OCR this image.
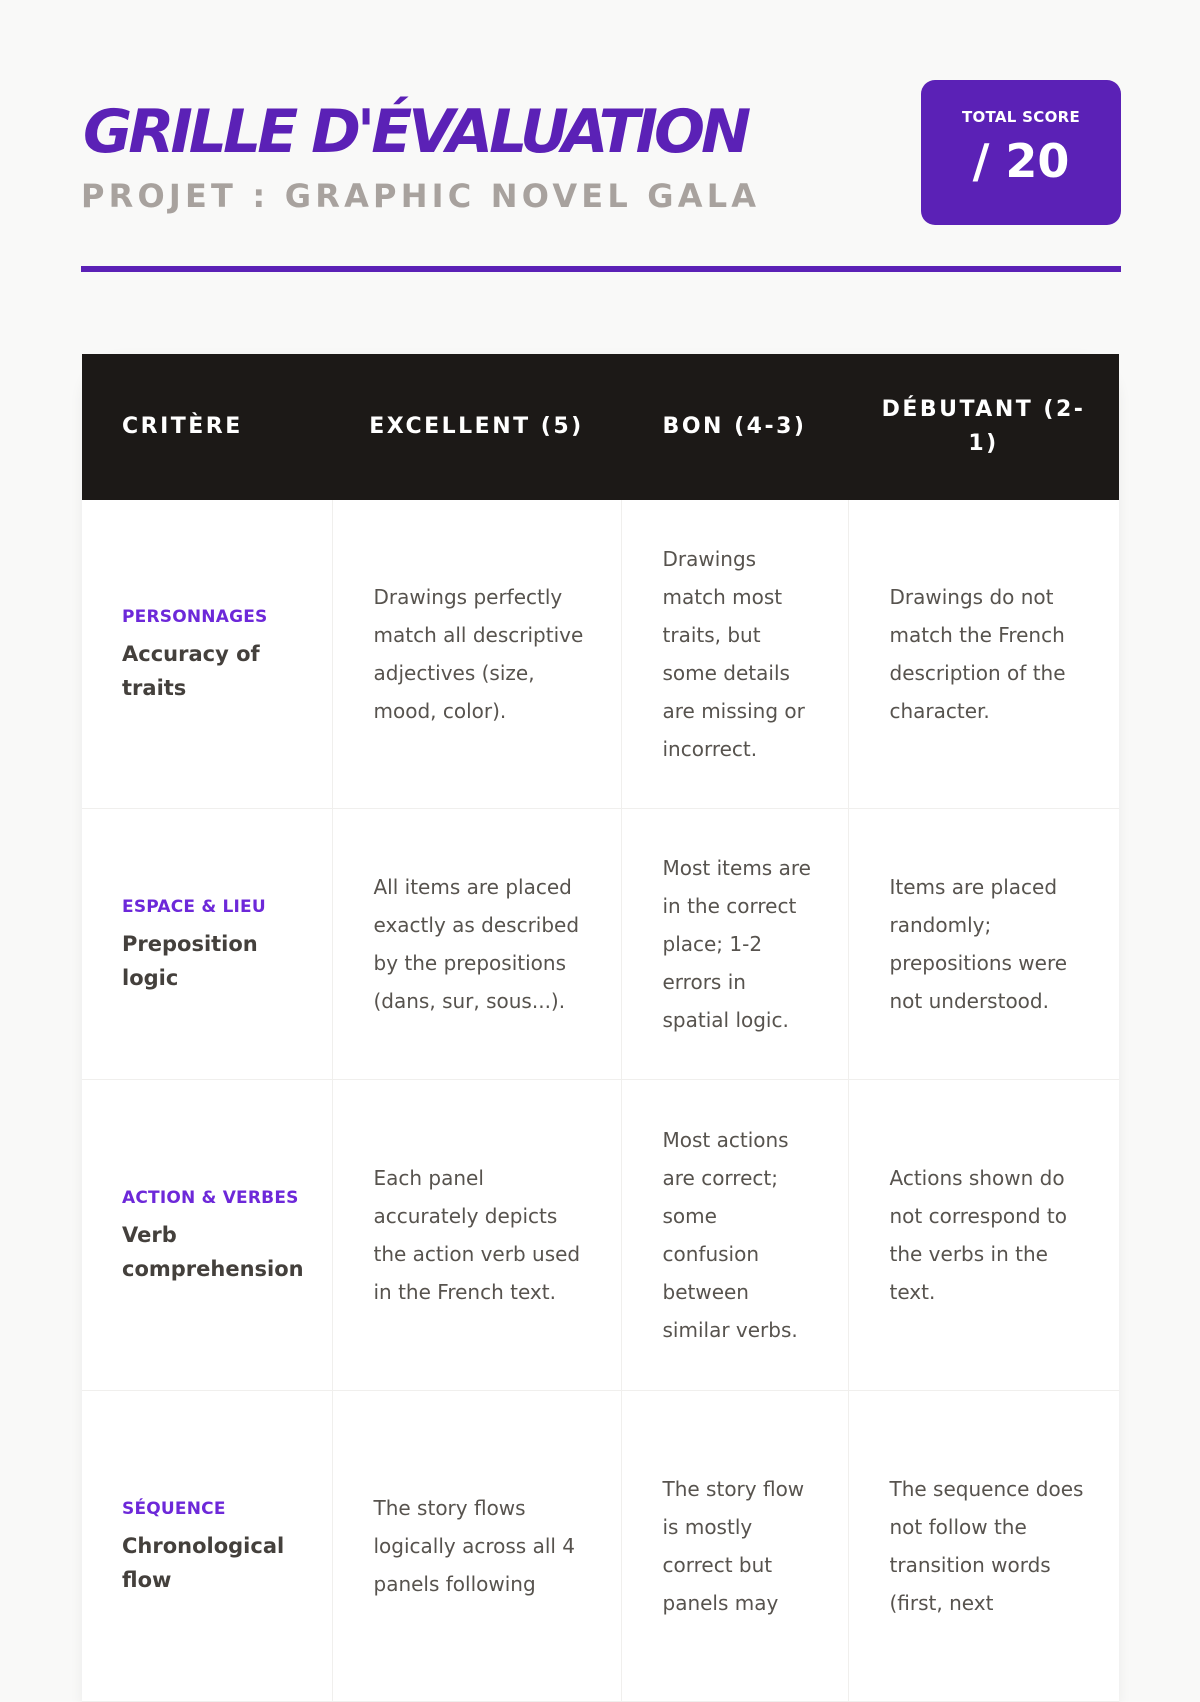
GRILLE D'ÉVALUATION

PROJET : GRAPHIC NOVEL GALA

TOTAL SCORE
/ 20
CRITÈRE	EXCELLENT (5)	BON (4-3)	DÉBUTANT (2-1)

PERSONNAGES
Accuracy of traits	Drawings perfectly match all descriptive adjectives (size, mood, color).	Drawings match most traits, but some details are missing or incorrect.	Drawings do not match the French description of the character.

ESPACE & LIEU
Preposition logic	All items are placed exactly as described by the prepositions (dans, sur, sous...).	Most items are in the correct place; 1-2 errors in spatial logic.	Items are placed randomly; prepositions were not understood.

ACTION & VERBES
Verb comprehension	Each panel accurately depicts the action verb used in the French text.	Most actions are correct; some confusion between similar verbs.	Actions shown do not correspond to the verbs in the text.

SÉQUENCE
Chronological flow	The story flows logically across all 4 panels following	The story flow is mostly correct but panels may	The sequence does not follow the transition words (first, next
